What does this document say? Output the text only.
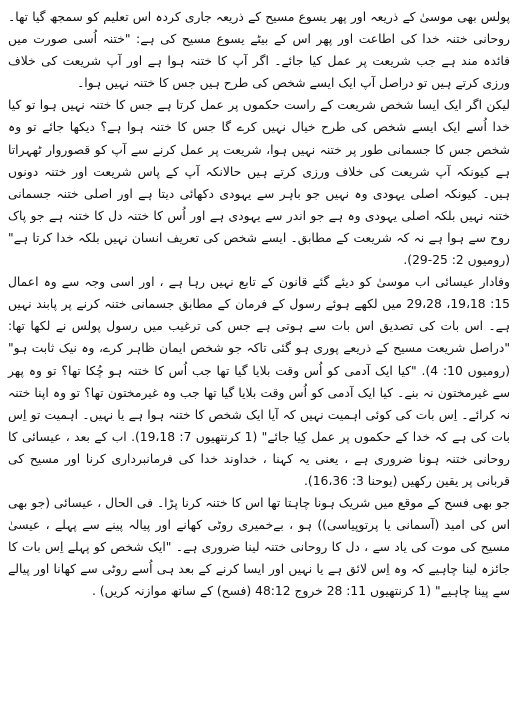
پولس بھی موسیٰ کے ذریعہ اور پھر یسوع مسیح کے ذریعہ جاری کردہ اس تعلیم کو سمجھ گیا تھا۔ روحانی ختنہ خدا کی اطاعت اور پھر اس کے بیٹے یسوع مسیح کی ہے: "ختنہ اُسی صورت میں فائدہ مند ہے جب شریعت پر عمل کیا جائے۔ اگر آپ کا ختنہ ہوا ہے اور آپ شریعت کی خلاف ورزی کرتے ہیں تو دراصل آپ ایک ایسے شخص کی طرح ہیں جس کا ختنہ نہیں ہوا۔

لیکن اگر ایک ایسا شخص شریعت کے راست حکموں پر عمل کرتا ہے جس کا ختنہ نہیں ہوا تو کیا خدا اُسے ایک ایسے شخص کی طرح خیال نہیں کرے گا جس کا ختنہ ہوا ہے؟ دیکھا جائے تو وہ شخص جس کا جسمانی طور پر ختنہ نہیں ہوا، شریعت پر عمل کرنے سے آپ کو قصوروار ٹھہراتا ہے کیونکہ آپ شریعت کی خلاف ورزی کرتے ہیں حالانکہ آپ کے پاس شریعت اور ختنہ دونوں ہیں۔ کیونکہ اصلی یہودی وہ نہیں جو باہر سے یہودی دکھائی دیتا ہے اور اصلی ختنہ جسمانی ختنہ نہیں بلکہ اصلی یہودی وہ ہے جو اندر سے یہودی ہے اور اُس کا ختنہ دل کا ختنہ ہے جو پاک روح سے ہوا ہے نہ کہ شریعت کے مطابق۔ ایسے شخص کی تعریف انسان نہیں بلکہ خدا کرتا ہے" (رومیوں 2: 25-29).

وفادار عیسائی اب موسیٰ کو دیئے گئے قانون کے تابع نہیں رہا ہے ، اور اسی وجہ سے وہ اعمال 15: 19،18، 29،28 میں لکھے ہوئے رسول کے فرمان کے مطابق جسمانی ختنہ کرنے پر پابند نہیں ہے۔ اس بات کی تصدیق اس بات سے ہوتی ہے جس کی ترغیب میں رسول پولس نے لکھا تھا: "دراصل شریعت مسیح کے ذریعے پوری ہو گئی تاکہ جو شخص ایمان ظاہر کرے، وہ نیک ثابت ہو" (رومیوں 10: 4). "کیا ایک آدمی کو اُس وقت بلایا گیا تھا جب اُس کا ختنہ ہو چُکا تھا؟ تو وہ پھر سے غیرمختون نہ بنے۔ کیا ایک آدمی کو اُس وقت بلایا گیا تھا جب وہ غیرمختون تھا؟ تو وہ اپنا ختنہ نہ کرائے۔ اِس بات کی کوئی اہمیت نہیں کہ آیا ایک شخص کا ختنہ ہوا ہے یا نہیں۔ اہمیت تو اِس بات کی ہے کہ خدا کے حکموں پر عمل کِیا جائے" (1 کرنتھیوں 7: 19،18). اب کے بعد ، عیسائی کا روحانی ختنہ ہونا ضروری ہے ، یعنی یہ کہنا ، خداوند خدا کی فرمانبرداری کرنا اور مسیح کی قربانی پر یقین رکھیں (یوحنا 3: 16،36).

جو بھی فسح کے موقع میں شریک ہونا چاہتا تھا اس کا ختنہ کرنا پڑا۔ فی الحال ، عیسائی (جو بھی اس کی امید (آسمانی یا پرتوپیاسی)) ہو ، بےخمیری روٹی کھانے اور پیالہ پینے سے پہلے ، عیسیٰ مسیح کی موت کی یاد سے ، دل کا روحانی ختنہ لینا ضروری ہے۔ "ایک شخص کو پہلے اِس بات کا جائزہ لینا چاہیے کہ وہ اِس لائق ہے یا نہیں اور ایسا کرنے کے بعد ہی اُسے روٹی سے کھانا اور پیالے سے پینا چاہیے" (1 کرنتھیوں 11: 28 خروج 48:12 (فسح) کے ساتھ موازنہ کریں) .
